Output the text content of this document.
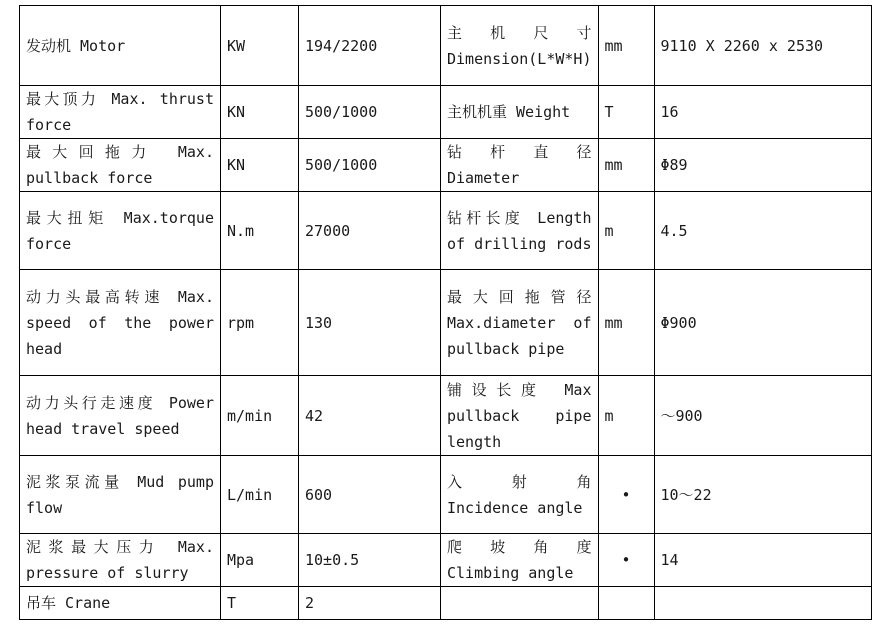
发动机 Motor	KW	194/2200	主 机 尺 寸 Dimension(L*W*H)	mm	9110 X 2260 x 2530
最大顶力 Max. thrust force	KN	500/1000	主机机重 Weight	T	16
最大回拖力 Max. pullback force	KN	500/1000	钻 杆 直 径 Diameter	mm	Φ89
最大扭矩 Max.torque force	N.m	27000	钻杆长度 Length of drilling rods	m	4.5
动力头最高转速 Max. speed of the power head	rpm	130	最大回拖管径 Max.diameter of pullback pipe	mm	Φ900
动力头行走速度 Power head travel speed	m/min	42	铺设长度 Max pullback pipe length	m	～900
泥浆泵流量 Mud pump flow	L/min	600	入 射 角 Incidence angle	•	10～22
泥浆最大压力 Max. pressure of slurry	Mpa	10±0.5	爬 坡 角 度 Climbing angle	•	14
吊车 Crane	T	2			
